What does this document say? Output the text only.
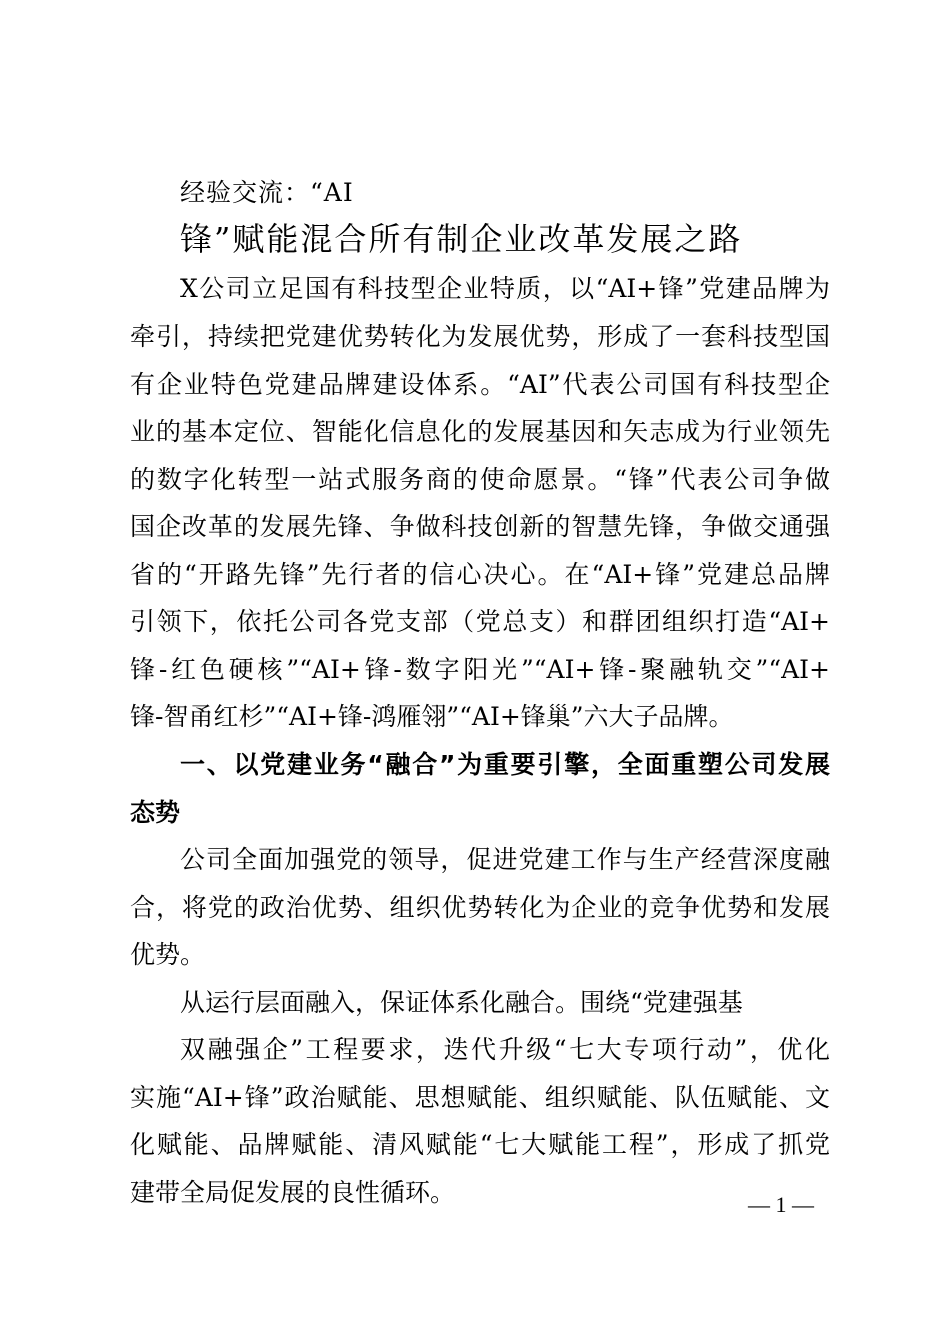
经验交流：“AI
锋”赋能混合所有制企业改革发展之路
X公司立足国有科技型企业特质，以“AI+锋”党建品牌为
牵引，持续把党建优势转化为发展优势，形成了一套科技型国
有企业特色党建品牌建设体系。“AI”代表公司国有科技型企
业的基本定位、智能化信息化的发展基因和矢志成为行业领先
的数字化转型一站式服务商的使命愿景。“锋”代表公司争做
国企改革的发展先锋、争做科技创新的智慧先锋，争做交通强
省的“开路先锋”先行者的信心决心。在“AI+锋”党建总品牌
引领下，依托公司各党支部（党总支）和群团组织打造“AI+
锋-红色硬核”“AI+锋-数字阳光”“AI+锋-聚融轨交”“AI+
锋-智甬红杉”“AI+锋-鸿雁翎”“AI+锋巢”六大子品牌。
一、以党建业务“融合”为重要引擎，全面重塑公司发展
态势
公司全面加强党的领导，促进党建工作与生产经营深度融
合，将党的政治优势、组织优势转化为企业的竞争优势和发展
优势。
从运行层面融入，保证体系化融合。围绕“党建强基
双融强企”工程要求，迭代升级“七大专项行动”，优化
实施“AI+锋”政治赋能、思想赋能、组织赋能、队伍赋能、文
化赋能、品牌赋能、清风赋能“七大赋能工程”，形成了抓党
建带全局促发展的良性循环。	— 1 —
